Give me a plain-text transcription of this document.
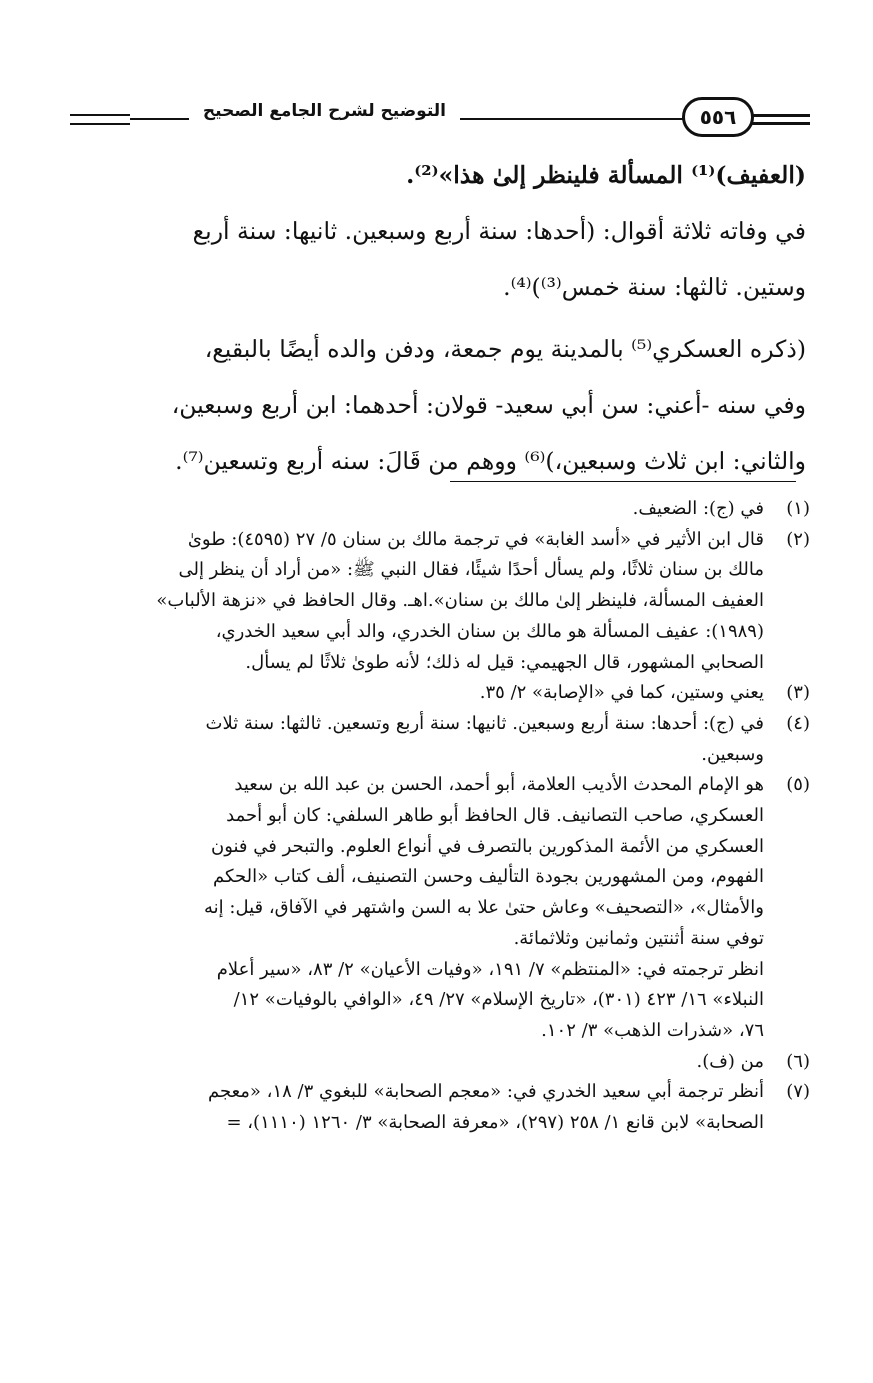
التوضيح لشرح الجامع الصحيح	٥٥٦

(العفيف)⁽¹⁾ المسألة فلينظر إلىٰ هذا»⁽²⁾.

في وفاته ثلاثة أقوال: (أحدها: سنة أربع وسبعين. ثانيها: سنة أربع

وستين. ثالثها: سنة خمس⁽³⁾)⁽⁴⁾.

(ذكره العسكري⁽⁵⁾ بالمدينة يوم جمعة، ودفن والده أيضًا بالبقيع،

وفي سنه -أعني: سن أبي سعيد- قولان: أحدهما: ابن أربع وسبعين،

والثاني: ابن ثلاث وسبعين،)⁽⁶⁾ ووهم من قَالَ: سنه أربع وتسعين⁽⁷⁾.

(١)
في (ج): الضعيف.
(٢)
قال ابن الأثير في «أسد الغابة» في ترجمة مالك بن سنان ٥/ ٢٧ (٤٥٩٥): طوىٰ
مالك بن سنان ثلاثًا، ولم يسأل أحدًا شيئًا، فقال النبي ﷺ: «من أراد أن ينظر إلى
العفيف المسألة، فلينظر إلىٰ مالك بن سنان».اهـ. وقال الحافظ في «نزهة الألباب»
(١٩٨٩): عفيف المسألة هو مالك بن سنان الخدري، والد أبي سعيد الخدري،
الصحابي المشهور، قال الجهيمي: قيل له ذلك؛ لأنه طوىٰ ثلاثًا لم يسأل.
(٣)
يعني وستين، كما في «الإصابة» ٢/ ٣٥.
(٤)
في (ج): أحدها: سنة أربع وسبعين. ثانيها: سنة أربع وتسعين. ثالثها: سنة ثلاث
وسبعين.
(٥)
هو الإمام المحدث الأديب العلامة، أبو أحمد، الحسن بن عبد الله بن سعيد
العسكري، صاحب التصانيف. قال الحافظ أبو طاهر السلفي: كان أبو أحمد
العسكري من الأئمة المذكورين بالتصرف في أنواع العلوم. والتبحر في فنون
الفهوم، ومن المشهورين بجودة التأليف وحسن التصنيف، ألف كتاب «الحكم
والأمثال»، «التصحيف» وعاش حتىٰ علا به السن واشتهر في الآفاق، قيل: إنه
توفي سنة أثنتين وثمانين وثلاثمائة.
انظر ترجمته في: «المنتظم» ٧/ ١٩١، «وفيات الأعيان» ٢/ ٨٣، «سير أعلام
النبلاء» ١٦/ ٤٢٣ (٣٠١)، «تاريخ الإسلام» ٢٧/ ٤٩، «الوافي بالوفيات» ١٢/
٧٦، «شذرات الذهب» ٣/ ١٠٢.
(٦)
من (ف).
(٧)
أنظر ترجمة أبي سعيد الخدري في: «معجم الصحابة» للبغوي ٣/ ١٨، «معجم
الصحابة» لابن قانع ١/ ٢٥٨ (٢٩٧)، «معرفة الصحابة» ٣/ ١٢٦٠ (١١١٠)، =
